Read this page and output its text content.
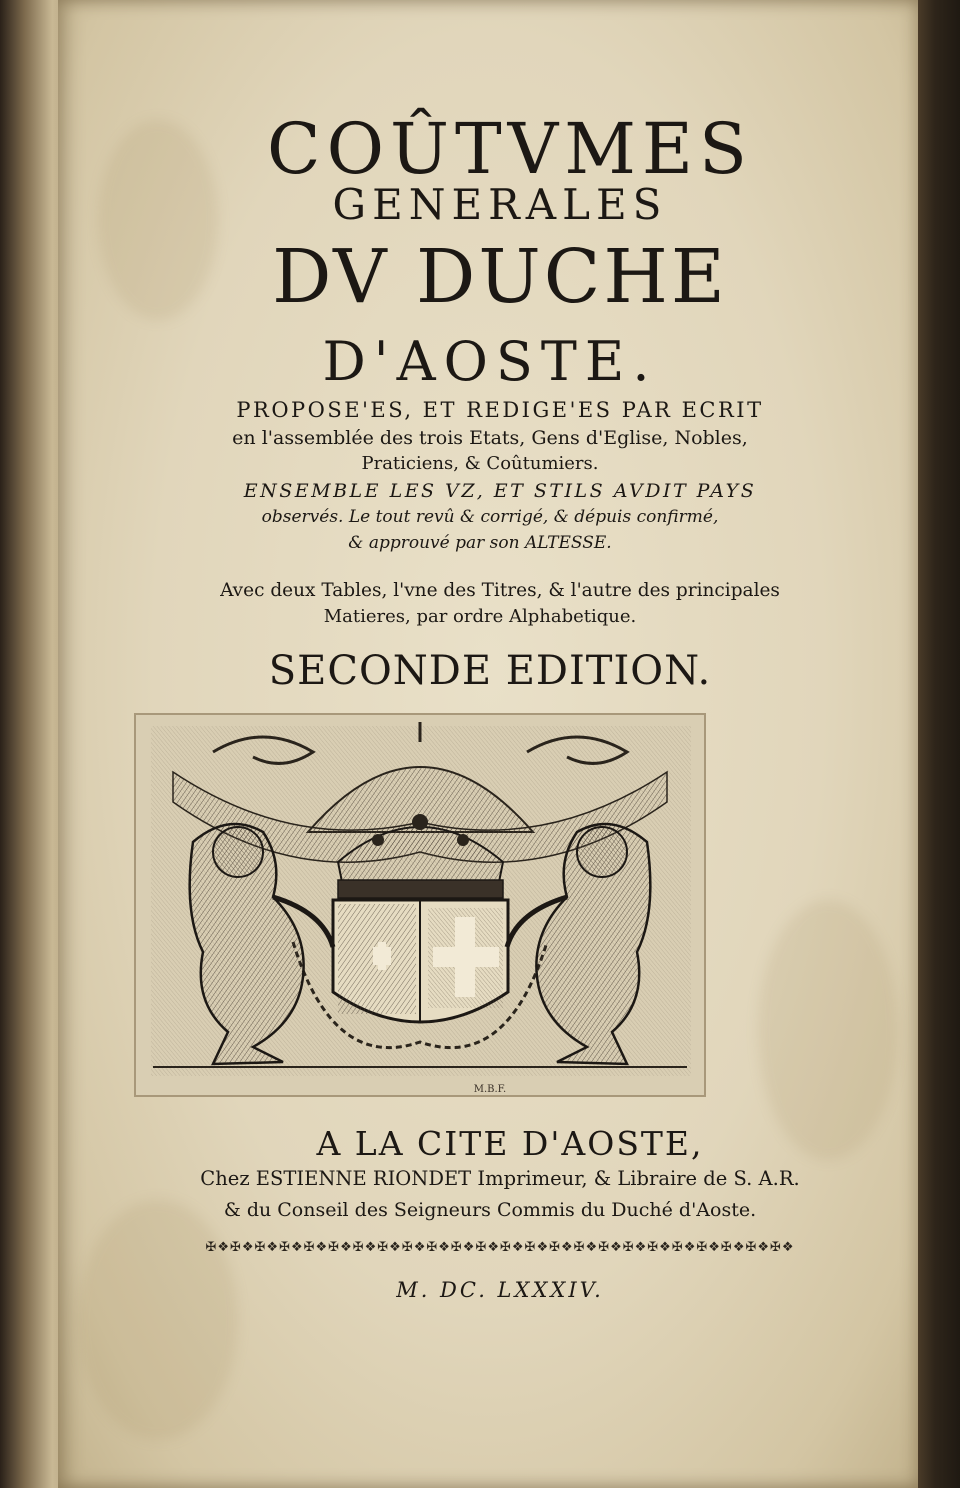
COÛTVMES

GENERALES

DV DUCHE

D'AOSTE.

PROPOSE'ES, ET REDIGE'ES PAR ECRIT

en l'assemblée des trois Etats, Gens d'Eglise, Nobles,

Praticiens, & Coûtumiers.

ENSEMBLE LES VZ, ET STILS AVDIT PAYS

observés. Le tout revû & corrigé, & dépuis confirmé,

& approuvé par son ALTESSE.

Avec deux Tables, l'vne des Titres, & l'autre des principales

Matieres, par ordre Alphabetique.

SECONDE EDITION.

M.B.F.

A LA CITE D'AOSTE,

Chez ESTIENNE RIONDET Imprimeur, & Libraire de S. A.R.

& du Conseil des Seigneurs Commis du Duché d'Aoste.

✠❖✠❖✠❖✠❖✠❖✠❖✠❖✠❖✠❖✠❖✠❖✠❖✠❖✠❖✠❖✠❖✠❖✠❖✠❖✠❖✠❖✠❖✠❖✠❖

M. DC. LXXXIV.
